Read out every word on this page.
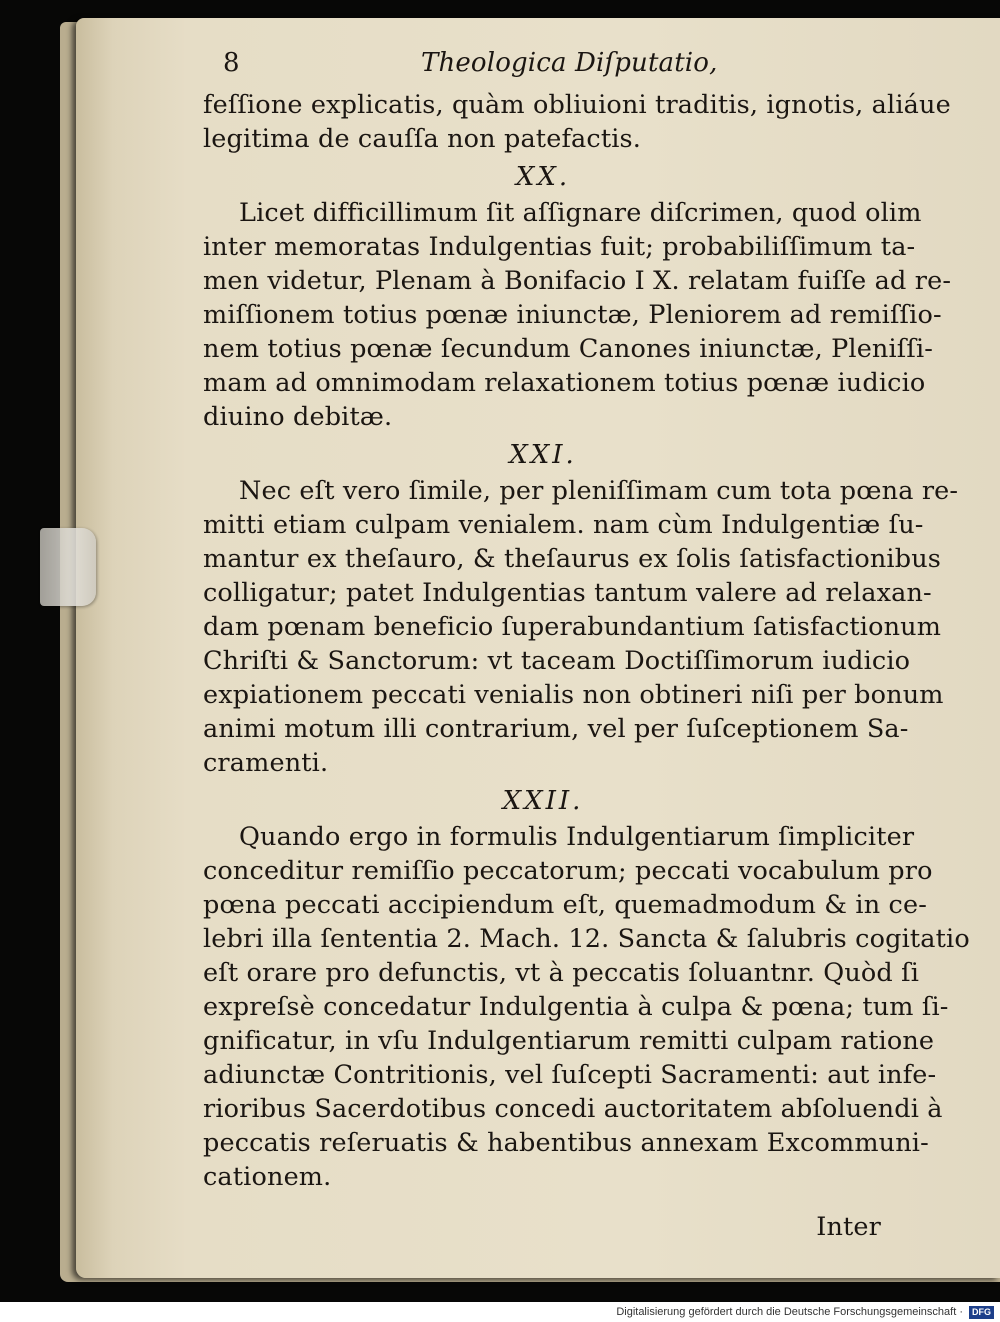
8	Theologica Diſputatio,
feſſione explicatis, quàm obliuioni traditis, ignotis, aliáue
legitima de cauſſa non patefactis.
XX.
Licet difficillimum ſit aſſignare diſcrimen, quod olim
inter memoratas Indulgentias fuit; probabiliſſimum ta-
men videtur, Plenam à Bonifacio I X. relatam fuiſſe ad re-
miſſionem totius pœnæ iniunctæ, Pleniorem ad remiſſio-
nem totius pœnæ ſecundum Canones iniunctæ, Pleniſſi-
mam ad omnimodam relaxationem totius pœnæ iudicio
diuino debitæ.
XXI.
Nec eſt vero ſimile, per pleniſſimam cum tota pœna re-
mitti etiam culpam venialem. nam cùm Indulgentiæ ſu-
mantur ex theſauro, & theſaurus ex ſolis ſatisfactionibus
colligatur; patet Indulgentias tantum valere ad relaxan-
dam pœnam beneficio ſuperabundantium ſatisfactionum
Chriſti & Sanctorum: vt taceam Doctiſſimorum iudicio
expiationem peccati venialis non obtineri niſi per bonum
animi motum illi contrarium, vel per ſuſceptionem Sa-
cramenti.
XXII.
Quando ergo in formulis Indulgentiarum ſimpliciter
conceditur remiſſio peccatorum; peccati vocabulum pro
pœna peccati accipiendum eſt, quemadmodum & in ce-
lebri illa ſententia 2. Mach. 12. Sancta & ſalubris cogitatio
eſt orare pro defunctis, vt à peccatis ſoluantnr. Quòd ſi
expreſsè concedatur Indulgentia à culpa & pœna; tum ſi-
gnificatur, in vſu Indulgentiarum remitti culpam ratione
adiunctæ Contritionis, vel ſuſcepti Sacramenti: aut infe-
rioribus Sacerdotibus concedi auctoritatem abſoluendi à
peccatis reſeruatis & habentibus annexam Excommuni-
cationem.
Inter
Digitalisierung gefördert durch die Deutsche Forschungsgemeinschaft · DFG
